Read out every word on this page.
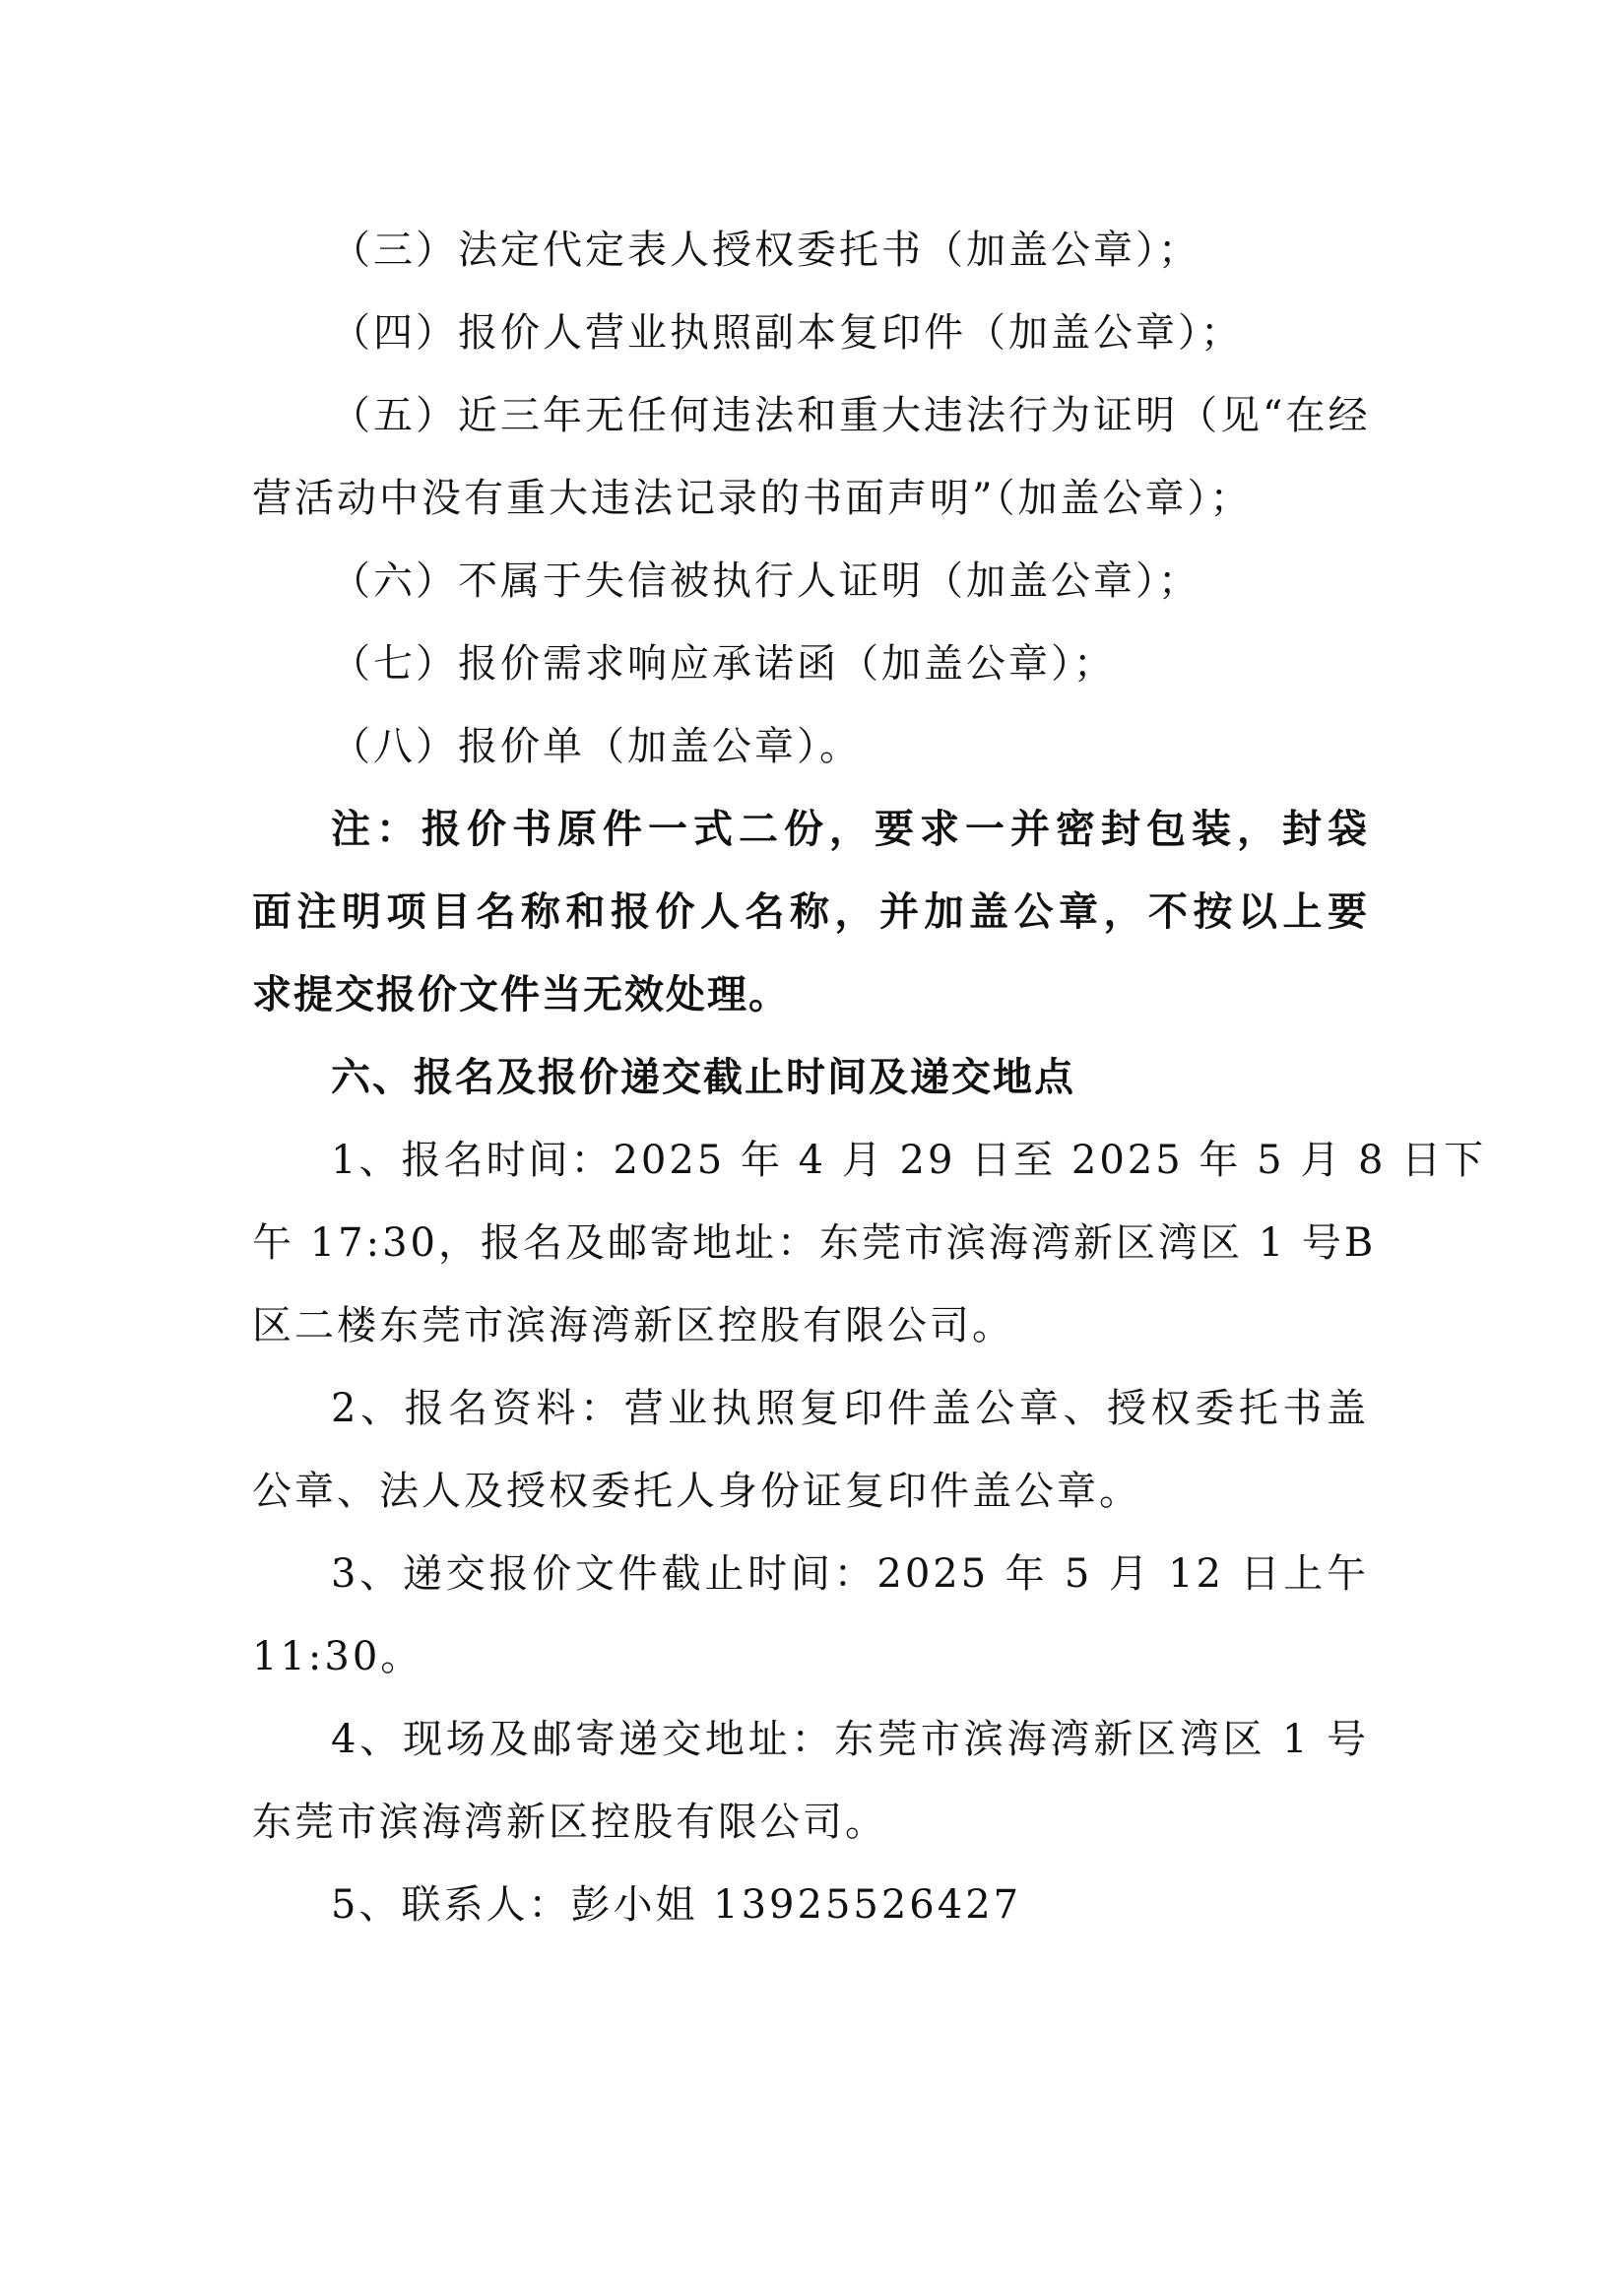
（三）法定代定表人授权委托书（加盖公章）；
（四）报价人营业执照副本复印件（加盖公章）；
（五）近三年无任何违法和重大违法行为证明（见“在经
营活动中没有重大违法记录的书面声明”（加盖公章）；
（六）不属于失信被执行人证明（加盖公章）；
（七）报价需求响应承诺函（加盖公章）；
（八）报价单（加盖公章）。
注：报价书原件一式二份，要求一并密封包装，封袋
面注明项目名称和报价人名称，并加盖公章，不按以上要
求提交报价文件当无效处理。
六、报名及报价递交截止时间及递交地点
1、报名时间：2025 年 4 月 29 日至 2025 年 5 月 8 日下
午 17:30，报名及邮寄地址：东莞市滨海湾新区湾区 1 号B
区二楼东莞市滨海湾新区控股有限公司。
2、报名资料：营业执照复印件盖公章、授权委托书盖
公章、法人及授权委托人身份证复印件盖公章。
3、递交报价文件截止时间：2025 年 5 月 12 日上午
11:30。
4、现场及邮寄递交地址：东莞市滨海湾新区湾区 1 号
东莞市滨海湾新区控股有限公司。
5、联系人：彭小姐 13925526427
